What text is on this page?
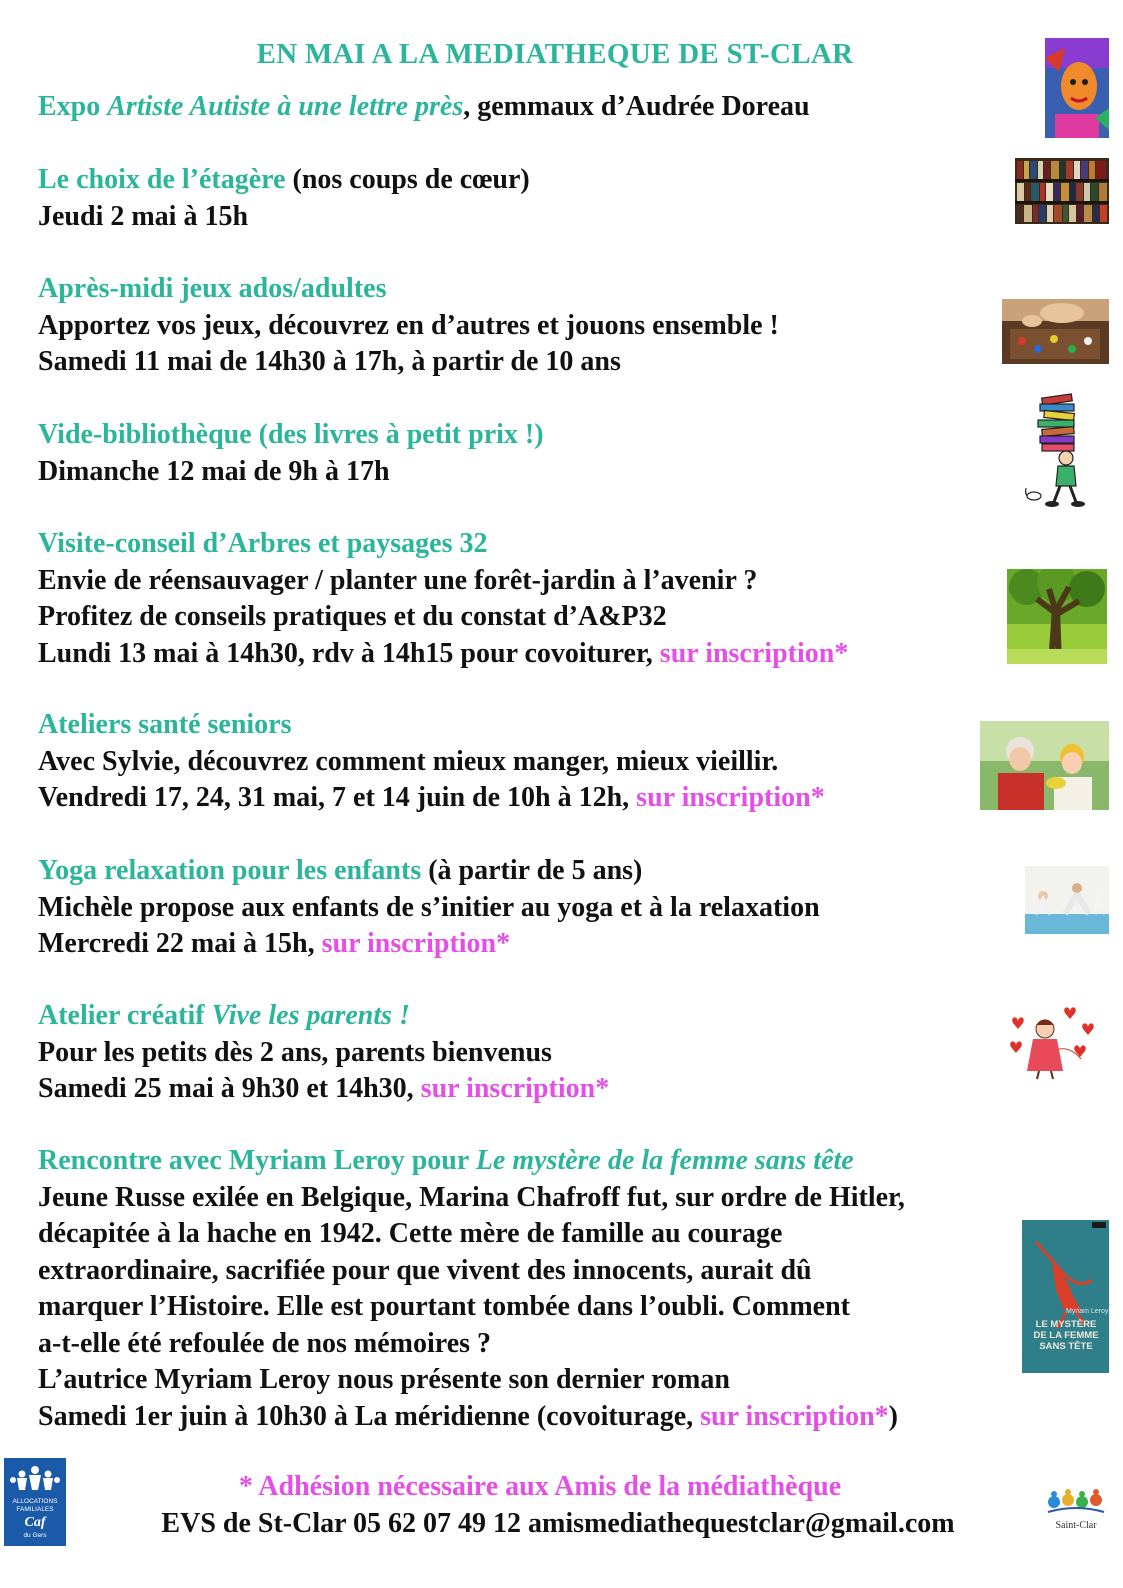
EN MAI A LA MEDIATHEQUE DE ST-CLAR
Expo Artiste Autiste à une lettre près, gemmaux d’Audrée Doreau
Le choix de l’étagère (nos coups de cœur)
Jeudi 2 mai à 15h
Après-midi jeux ados/adultes
Apportez vos jeux, découvrez en d’autres et jouons ensemble !
Samedi 11 mai de 14h30 à 17h, à partir de 10 ans
Vide-bibliothèque (des livres à petit prix !)
Dimanche 12 mai de 9h à 17h
Visite-conseil d’Arbres et paysages 32
Envie de réensauvager / planter une forêt-jardin à l’avenir ?
Profitez de conseils pratiques et du constat d’A&P32
Lundi 13 mai à 14h30, rdv à 14h15 pour covoiturer, sur inscription*
Ateliers santé seniors
Avec Sylvie, découvrez comment mieux manger, mieux vieillir.
Vendredi 17, 24, 31 mai, 7 et 14 juin de 10h à 12h, sur inscription*
Yoga relaxation pour les enfants (à partir de 5 ans)
Michèle propose aux enfants de s’initier au yoga et à la relaxation
Mercredi 22 mai à 15h, sur inscription*
Atelier créatif Vive les parents !
Pour les petits dès 2 ans, parents bienvenus
Samedi 25 mai à 9h30 et 14h30, sur inscription*
Rencontre avec Myriam Leroy pour Le mystère de la femme sans tête
Jeune Russe exilée en Belgique, Marina Chafroff fut, sur ordre de Hitler,
décapitée à la hache en 1942. Cette mère de famille au courage
extraordinaire, sacrifiée pour que vivent des innocents, aurait dû
marquer l’Histoire. Elle est pourtant tombée dans l’oubli. Comment
a-t-elle été refoulée de nos mémoires ?
L’autrice Myriam Leroy nous présente son dernier roman
Samedi 1er juin à 10h30 à La méridienne (covoiturage, sur inscription*)
* Adhésion nécessaire aux Amis de la médiathèque
EVS de St-Clar 05 62 07 49 12 amismediathequestclar@gmail.com
Myriam Leroy
LE MYSTÈRE
DE LA FEMME
SANS TÊTE
ALLOCATIONS
FAMILIALES
Caf
du Gers
Saint-Clar
